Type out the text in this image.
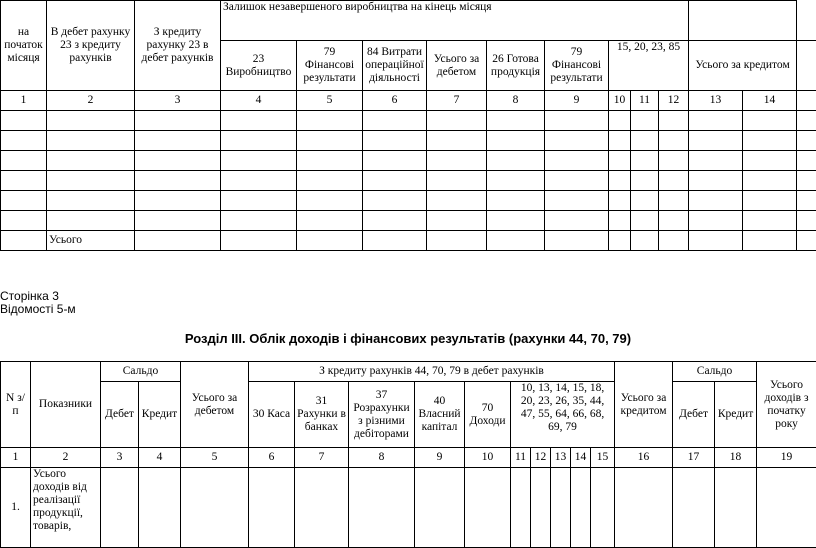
на початок місяця	В дебет рахунку 23 з кредиту рахунків	З кредиту рахунку 23 в дебет рахунків	Залишок незавершеного виробництва на кінець місяця											
			23 Виробництво	79 Фінансові результати	84 Витрати операційної діяльності	Усього за дебетом	26 Готова продукція	79 Фінансові результати	15, 20, 23, 85			Усього за кредитом		
1	2	3	4	5	6	7	8	9	10	11	12	13	14	

	Усього													
Сторінка 3
Відомості 5-м
Розділ ІІІ. Облік доходів і фінансових результатів (рахунки 44, 70, 79)
N з/п	Показники	Сальдо		Усього за дебетом	З кредиту рахунків 44, 70, 79 в дебет рахунків										Усього за кредитом	Сальдо		Усього доходів з початку року
		Дебет	Кредит		30 Каса	31 Рахунки в банках	37 Розрахунки з різними дебіторами	40 Власний капітал	70 Доходи	10, 13, 14, 15, 18, 20, 23, 26, 35, 44, 47, 55, 64, 66, 68, 69, 79						Дебет	Кредит	
1	2	3	4	5	6	7	8	9	10	11	12	13	14	15	16	17	18	19
1.	Усього доходів від реалізації продукції, товарів,																	
